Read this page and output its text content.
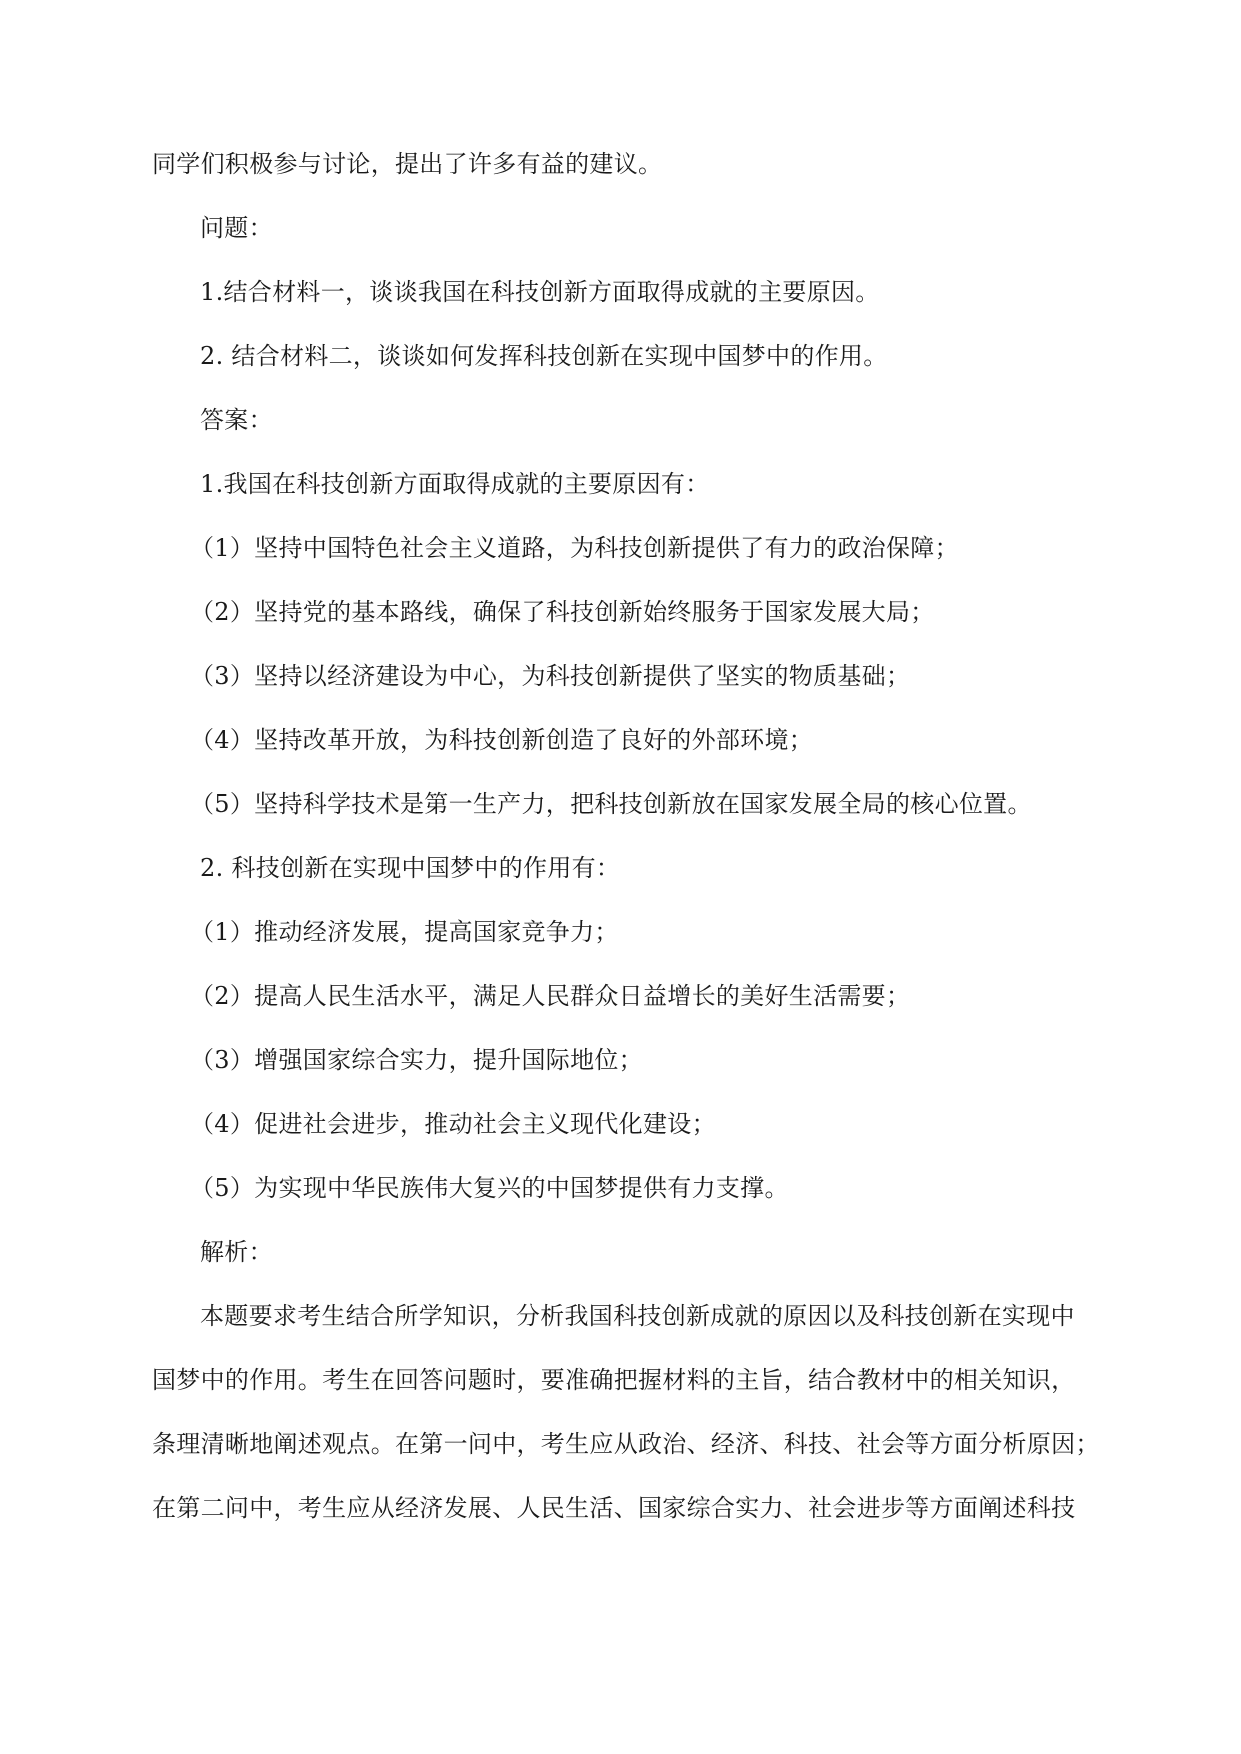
同学们积极参与讨论，提出了许多有益的建议。
问题：
1.结合材料一，谈谈我国在科技创新方面取得成就的主要原因。
2. 结合材料二，谈谈如何发挥科技创新在实现中国梦中的作用。
答案：
1.我国在科技创新方面取得成就的主要原因有：
（1）坚持中国特色社会主义道路，为科技创新提供了有力的政治保障；
（2）坚持党的基本路线，确保了科技创新始终服务于国家发展大局；
（3）坚持以经济建设为中心，为科技创新提供了坚实的物质基础；
（4）坚持改革开放，为科技创新创造了良好的外部环境；
（5）坚持科学技术是第一生产力，把科技创新放在国家发展全局的核心位置。
2. 科技创新在实现中国梦中的作用有：
（1）推动经济发展，提高国家竞争力；
（2）提高人民生活水平，满足人民群众日益增长的美好生活需要；
（3）增强国家综合实力，提升国际地位；
（4）促进社会进步，推动社会主义现代化建设；
（5）为实现中华民族伟大复兴的中国梦提供有力支撑。
解析：
本题要求考生结合所学知识，分析我国科技创新成就的原因以及科技创新在实现中
国梦中的作用。考生在回答问题时，要准确把握材料的主旨，结合教材中的相关知识，
条理清晰地阐述观点。在第一问中，考生应从政治、经济、科技、社会等方面分析原因；
在第二问中，考生应从经济发展、人民生活、国家综合实力、社会进步等方面阐述科技
